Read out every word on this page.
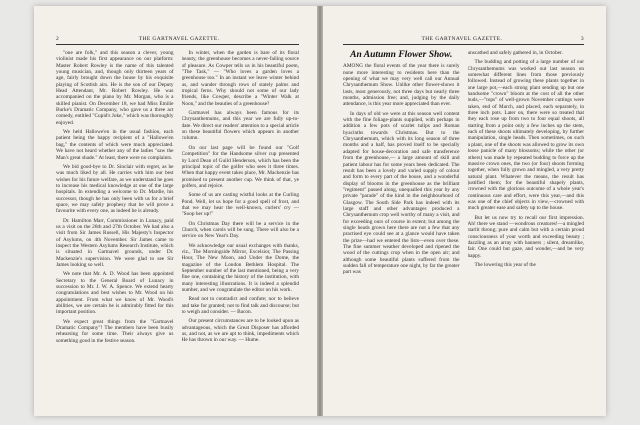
2	THE GARTNAVEL GAZETTE.

"one are folk," and this season a clever, young violinist made his first appearance on our platform: Master Robert Rowley is the name of this talented young musician, and, though only thirteen years of age, fairly brought down the house by his exquisite playing of Scottish airs. He is the son of our Deputy Head Attendant, Mr. Robert Rowley. He was accompanied on the piano by Mr. Morgan, who is a skilled pianist. On December 18, we had Miss Emilie Burke's Dramatic Company, who gave us a three act comedy, entitled "Cupid's Joke," which was thoroughly enjoyed.

We held Hallowe'en in the usual fashion, each patient being the happy recipient of a "Hallowe'en bag," the contents of which were much appreciated. We have not heard whether any of the ladies "saw the Man's great shade." At least, there were no complaints.

We bid good-bye to Dr. Sinclair with regret, as he was much liked by all. He carries with him our best wishes for his future welfare, as we understand he goes to increase his medical knowledge at one of the large hospitals. In extending a welcome to Dr. Mardie, his successor, though he has only been with us for a brief space, we may safely prophesy that he will prove a favourite with every one, as indeed he is already.

Dr. Hamilton Marr, Commissioner in Lunacy, paid us a visit on the 26th and 27th October. We had also a visit from Sir James Russell, His Majesty's Inspector of Asylums, on 4th November. Sir James came to inspect the Western Asylums Research Institute, which is situated in Gartnavel grounds, under Dr. Mackenzie's supervision. We were glad to see Sir James looking so well.

We note that Mr. A. D. Wood has been appointed Secretary to the General Board of Lunacy in succession to Mr. J. W. A. Spence. We extend hearty congratulations and best wishes to Mr. Wood on his appointment. From what we know of Mr. Wood's abilities, we are certain he is admirably fitted for this important position.

We expect great things from the "Gartnavel Dramatic Company"! The members have been busily rehearsing for some time. Their always give us something good in the festive season.

In winter, when the garden is bare of its floral beauty, the greenhouse becomes a never-failing source of pleasure. As Cowper tells us in his beautiful poem, "The Task," — "Who loves a garden loves a greenhouse too." In an instant we leave winter behind us, and wander through rows of stately palms and tropical ferns. Why should not some of our lady friends, like Cowper, describe a "Winter Walk at Noon," and the beauties of a greenhouse?

Gartnavel has always been famous for its Chrysanthemums, and this year we are fully up-to-date. We direct our readers' attention to a special article on these beautiful flowers which appears in another column.

On our last page will be found our "Golf Competition" for the Handsome silver cup presented by Lord Dean of Guild Henderson, which has been the principal topic of the golfer who sees it three times. When that happy event takes place, Mr. Mackenzie has promised to present another cup. We think of that, ye golfers, and rejoice.

Some of us are casting wistful looks at the Curling Pond. Well, let us hope for a good spell of frost, and that we may hear the well-known, curlers' cry — "Soop her up!"

On Christmas Day there will be a service in the Church, when carols will be sung. There will also be a service on New Year's Day.

We acknowledge our usual exchanges with thanks, viz., The Morningside Mirror, Excelsior, The Passing Hour, The New Moon, and Under the Dome, the magazine of the London Bethlem Hospital. The September number of the last mentioned, being a very fine one, containing the history of the institution, with many interesting illustrations. It is indeed a splendid number, and we congratulate the editor on his work.

Read not to contradict and confute; nor to believe and take for granted; not to find talk and discourse; but to weigh and consider. — Bacon.

Our present circumstances are to be looked upon as advantageous, which the Great Disposer has afforded us, and not, as we are apt to think, impediments which He has thrown in our way. — Hume.

THE GARTNAVEL GAZETTE.	3
An Autumn Flower Show.

AMONG the floral events of the year there is surely none more interesting to residents here than the opening of what we may very well call our Annual Chrysanthemum Show. Unlike other flower-shows it lasts, most generously, not three days but nearly three months, admission free; and, judging by the daily attendance, is this year more appreciated than ever.

In days of old we were at this season well content with the fine foliage-plants supplied, with perhaps in addition a few pots of scarlet tulips and Roman hyacinths towards Christmas. But to the Chrysanthemum, which with its long season of three months and a half, has proved itself to be specially adapted for house-decoration and safe transference from the greenhouse,— a large amount of skill and patient labour has for some years been dedicated. The result has been a lovely and varied supply of colour and form to every part of the house, and a wonderful display of blooms in the greenhouse as the brilliant "regiment" passed along, unequalled this year by any private "parade" of the kind in the neighbourhood of Glasgow. The South Side Park has indeed with its large staff and other advantages produced a Chrysanthemum crop well worthy of many a visit, and for exceeding ours of course in extent; but among the single heads grown here there are not a few that any practised eye could see at a glance would have taken the prize—had we entered the lists—even over these. The fine summer weather developed and ripened the wood of the cuttings crop when in the open air; and although some beautiful plants suffered from the sudden fall of temperature one night, by far the greater part was

unscathed and safely gathered in, in October.

The budding and potting of a large number of our Chrysanthemums was worked out last season on somewhat different lines from those previously followed. Instead of growing these plants together in one large pot,—each strong plant sending up but one handsome "crown" bloom at the cost of all the other buds,—"tops" of well-grown November cuttings were taken, end of March, and placed, each separately, in three inch pots. Later on, there were so treated that they each rose up from two to four equal shoots, all starting from a point only a few inches up the stem, each of these shoots ultimately developing, by further manipulation, single heads. Then sometimes, on such a plant, one of the shoots was allowed to grow its own loose panicle of many blossoms; while the other (or others) was made by repeated budding to force up the massive crown ones, the two (or four) shoots forming together, when fully grown and mingled, a very pretty natural plant. Whatever the means, the result has justified them; for the beautiful shapely plants, crowned with the glorious outcome of a whole year's continuous care and effort, were this year,—and this was one of the chief objects in view,—crowned with much greater ease and safety up to the house.

But let us now try to recall our first impression. Ah! there we stand —wondrous creatures!—a mingled starlit throng; pure and calm but with a certain proud consciousness of your worth and exceeding beauty ; dazzling as an array with banners ; silent, dreamlike, fair. One could but gaze, and wonder,—and be very happy.

The lowering this year of the
